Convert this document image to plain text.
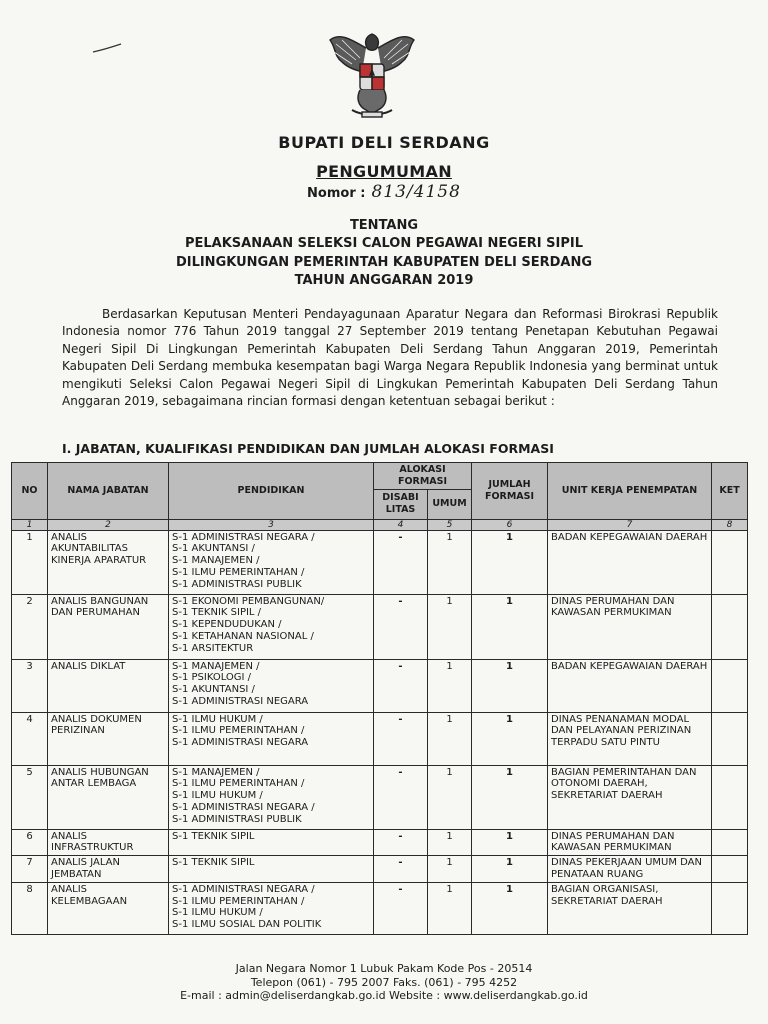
BUPATI DELI SERDANG
PENGUMUMAN
Nomor : 813/4158
TENTANG
PELAKSANAAN SELEKSI CALON PEGAWAI NEGERI SIPIL
DILINGKUNGAN PEMERINTAH KABUPATEN DELI SERDANG
TAHUN ANGGARAN 2019
Berdasarkan Keputusan Menteri Pendayagunaan Aparatur Negara dan Reformasi Birokrasi Republik Indonesia nomor 776 Tahun 2019 tanggal 27 September 2019 tentang Penetapan Kebutuhan Pegawai Negeri Sipil Di Lingkungan Pemerintah Kabupaten Deli Serdang Tahun Anggaran 2019, Pemerintah Kabupaten Deli Serdang membuka kesempatan bagi Warga Negara Republik Indonesia yang berminat untuk mengikuti Seleksi Calon Pegawai Negeri Sipil di Lingkukan Pemerintah Kabupaten Deli Serdang Tahun Anggaran 2019, sebagaimana rincian formasi dengan ketentuan sebagai berikut :
I. JABATAN, KUALIFIKASI PENDIDIKAN DAN JUMLAH ALOKASI FORMASI
NO	NAMA JABATAN	PENDIDIKAN	ALOKASI FORMASI		JUMLAH FORMASI	UNIT KERJA PENEMPATAN	KET
			DISABI LITAS	UMUM			
1	2	3	4	5	6	7	8
1	ANALIS AKUNTABILITAS KINERJA APARATUR	S-1 ADMINISTRASI NEGARA /
S-1 AKUNTANSI /
S-1 MANAJEMEN /
S-1 ILMU PEMERINTAHAN /
S-1 ADMINISTRASI PUBLIK	-	1	1	BADAN KEPEGAWAIAN DAERAH	
2	ANALIS BANGUNAN DAN PERUMAHAN	S-1 EKONOMI PEMBANGUNAN/
S-1 TEKNIK SIPIL /
S-1 KEPENDUDUKAN /
S-1 KETAHANAN NASIONAL /
S-1 ARSITEKTUR	-	1	1	DINAS PERUMAHAN DAN KAWASAN PERMUKIMAN	
3	ANALIS DIKLAT	S-1 MANAJEMEN /
S-1 PSIKOLOGI /
S-1 AKUNTANSI /
S-1 ADMINISTRASI NEGARA	-	1	1	BADAN KEPEGAWAIAN DAERAH	
4	ANALIS DOKUMEN PERIZINAN	S-1 ILMU HUKUM /
S-1 ILMU PEMERINTAHAN /
S-1 ADMINISTRASI NEGARA	-	1	1	DINAS PENANAMAN MODAL DAN PELAYANAN PERIZINAN TERPADU SATU PINTU	
5	ANALIS HUBUNGAN ANTAR LEMBAGA	S-1 MANAJEMEN /
S-1 ILMU PEMERINTAHAN /
S-1 ILMU HUKUM /
S-1 ADMINISTRASI NEGARA /
S-1 ADMINISTRASI PUBLIK	-	1	1	BAGIAN PEMERINTAHAN DAN OTONOMI DAERAH, SEKRETARIAT DAERAH	
6	ANALIS INFRASTRUKTUR	S-1 TEKNIK SIPIL	-	1	1	DINAS PERUMAHAN DAN KAWASAN PERMUKIMAN	
7	ANALIS JALAN JEMBATAN	S-1 TEKNIK SIPIL	-	1	1	DINAS PEKERJAAN UMUM DAN PENATAAN RUANG	
8	ANALIS KELEMBAGAAN	S-1 ADMINISTRASI NEGARA /
S-1 ILMU PEMERINTAHAN /
S-1 ILMU HUKUM /
S-1 ILMU SOSIAL DAN POLITIK	-	1	1	BAGIAN ORGANISASI, SEKRETARIAT DAERAH	
Jalan Negara Nomor 1 Lubuk Pakam Kode Pos - 20514
Telepon (061) - 795 2007 Faks. (061) - 795 4252
E-mail : admin@deliserdangkab.go.id Website : www.deliserdangkab.go.id
